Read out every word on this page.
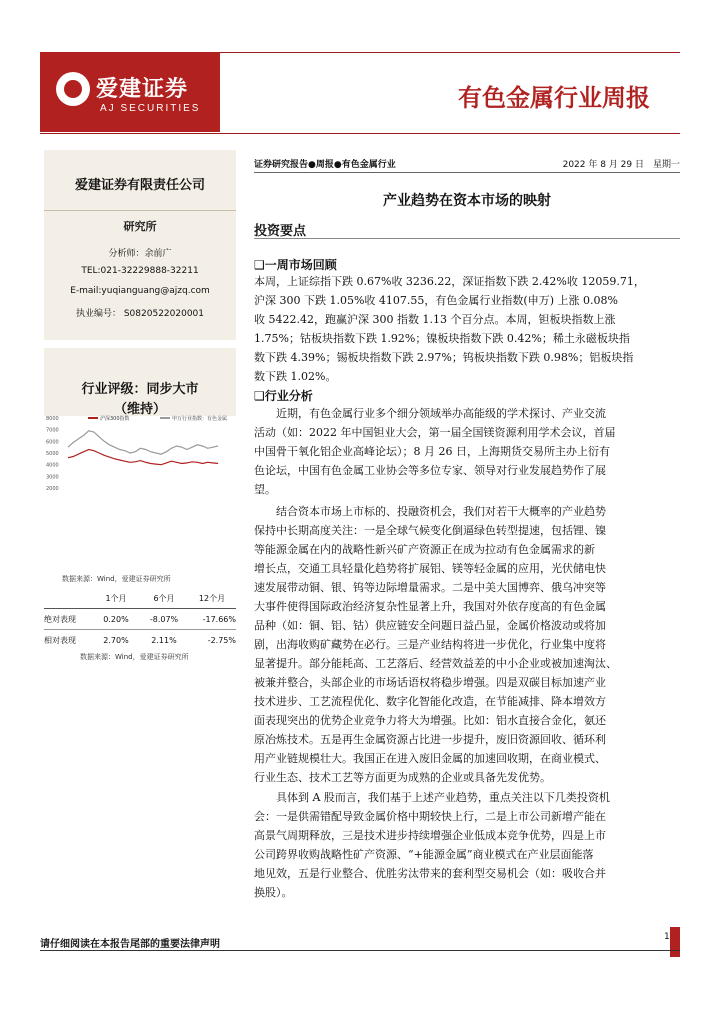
爱建证券
AJ SECURITIES	有色金属行业周报
爱建证券有限责任公司
研究所
分析师：余前广
TEL:021-32229888-32211
E-mail:yuqianguang@ajzq.com
执业编号： S0820522020001
行业评级：同步大市
（维持）
8000
7000
6000
5000
4000
3000
2000
沪深300指数	申万行业指数：有色金属
数据来源：Wind，爱建证券研究所
	1个月	6个月	12个月
绝对表现	0.20%	-8.07%	-17.66%
相对表现	2.70%	2.11%	-2.75%
数据来源：Wind，爱建证券研究所
证券研究报告●周报●有色金属行业	2022 年 8 月 29 日　星期一
产业趋势在资本市场的映射
投资要点
❑一周市场回顾
本周，上证综指下跌 0.67%收 3236.22，深证指数下跌 2.42%收 12059.71，
沪深 300 下跌 1.05%收 4107.55，有色金属行业指数(申万) 上涨 0.08%
收 5422.42，跑赢沪深 300 指数 1.13 个百分点。本周，钽板块指数上涨
1.75%；钴板块指数下跌 1.92%；镍板块指数下跌 0.42%；稀土永磁板块指
数下跌 4.39%；锡板块指数下跌 2.97%；钨板块指数下跌 0.98%；铝板块指
数下跌 1.02%。
❑行业分析
　　近期，有色金属行业多个细分领域举办高能级的学术探讨、产业交流
活动（如：2022 年中国钽业大会，第一届全国镁资源利用学术会议，首届
中国骨干氧化铝企业高峰论坛）；8 月 26 日，上海期货交易所主办上衍有
色论坛，中国有色金属工业协会等多位专家、领导对行业发展趋势作了展
望。
　　结合资本市场上市标的、投融资机会，我们对若干大概率的产业趋势
保持中长期高度关注：一是全球气候变化倒逼绿色转型提速，包括锂、镍
等能源金属在内的战略性新兴矿产资源正在成为拉动有色金属需求的新
增长点，交通工具轻量化趋势将扩展铝、镁等轻金属的应用，光伏储电快
速发展带动铜、银、钨等边际增量需求。二是中美大国博弈、俄乌冲突等
大事件使得国际政治经济复杂性显著上升，我国对外依存度高的有色金属
品种（如：铜、铝、钴）供应链安全问题日益凸显，金属价格波动或将加
剧，出海收购矿藏势在必行。三是产业结构将进一步优化，行业集中度将
显著提升。部分能耗高、工艺落后、经营效益差的中小企业或被加速淘汰、
被兼并整合，头部企业的市场话语权将稳步增强。四是双碳目标加速产业
技术进步、工艺流程优化、数字化智能化改造，在节能减排、降本增效方
面表现突出的优势企业竞争力将大为增强。比如：铝水直接合金化，氨还
原冶炼技术。五是再生金属资源占比进一步提升，废旧资源回收、循环利
用产业链规模壮大。我国正在进入废旧金属的加速回收期，在商业模式、
行业生态、技术工艺等方面更为成熟的企业或具备先发优势。
　　具体到 A 股而言，我们基于上述产业趋势，重点关注以下几类投资机
会：一是供需错配导致金属价格中期较快上行，二是上市公司新增产能在
高景气周期释放，三是技术进步持续增强企业低成本竞争优势，四是上市
公司跨界收购战略性矿产资源、“+能源金属”商业模式在产业层面能落
地见效，五是行业整合、优胜劣汰带来的套利型交易机会（如：吸收合并
换股）。
请仔细阅读在本报告尾部的重要法律声明
1
